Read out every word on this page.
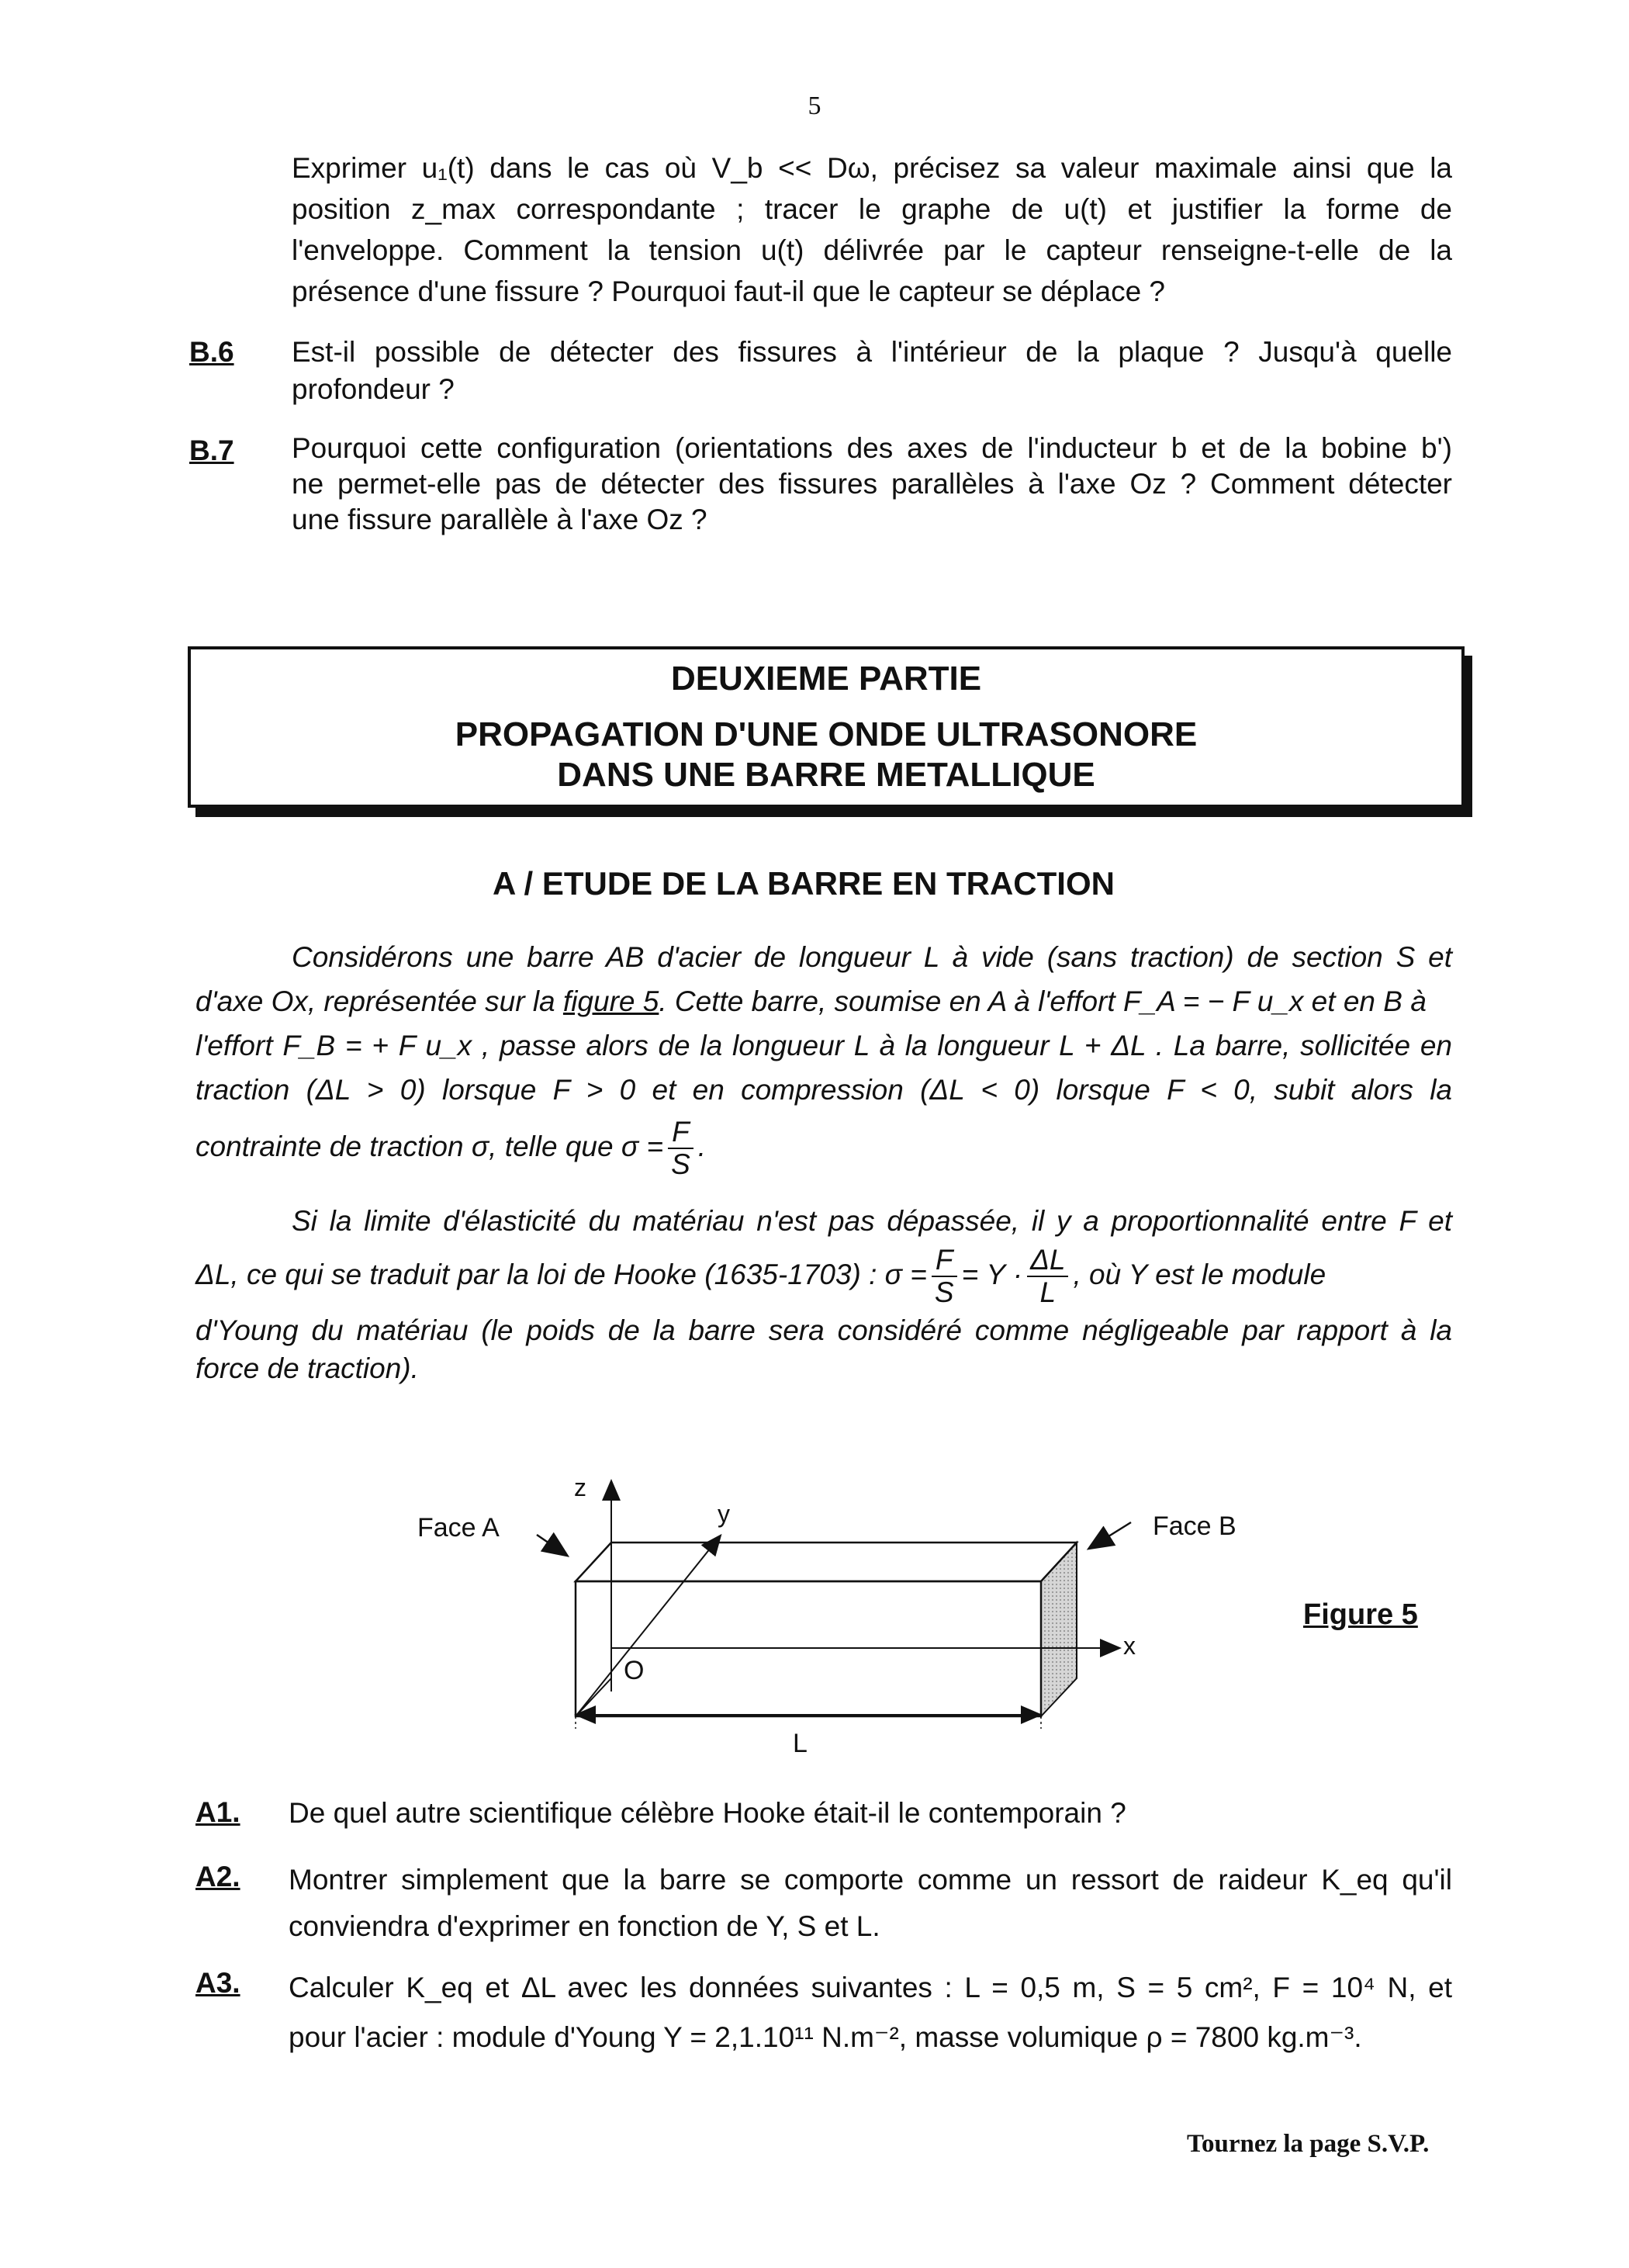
5
Exprimer u₁(t) dans le cas où V_b << Dω, précisez sa valeur maximale ainsi que la
position z_max correspondante ; tracer le graphe de u(t) et justifier la forme de
l'enveloppe. Comment la tension u(t) délivrée par le capteur renseigne-t-elle de la
présence d'une fissure ? Pourquoi faut-il que le capteur se déplace ?
B.6 Est-il possible de détecter des fissures à l'intérieur de la plaque ? Jusqu'à quelle
profondeur ?
B.7 Pourquoi cette configuration (orientations des axes de l'inducteur b et de la bobine b')
ne permet-elle pas de détecter des fissures parallèles à l'axe Oz ? Comment détecter
une fissure parallèle à l'axe Oz ?
DEUXIEME PARTIE
PROPAGATION D'UNE ONDE ULTRASONORE
DANS UNE BARRE METALLIQUE
A / ETUDE DE LA BARRE EN TRACTION
Considérons une barre AB d'acier de longueur L à vide (sans traction) de section S et
d'axe Ox, représentée sur la figure 5. Cette barre, soumise en A à l'effort F_A = − F u_x et en B à
l'effort F_B = + F u_x , passe alors de la longueur L à la longueur L + ΔL . La barre, sollicitée en
traction (ΔL > 0) lorsque F > 0 et en compression (ΔL < 0) lorsque F < 0, subit alors la
contrainte de traction σ, telle que $\sigma = \frac{F}{S}$ .
Si la limite d'élasticité du matériau n'est pas dépassée, il y a proportionnalité entre F et
ΔL, ce qui se traduit par la loi de Hooke (1635-1703) : $\sigma = \frac{F}{S} = Y \cdot \frac{\Delta L}{L}$ , où Y est le module
d'Young du matériau (le poids de la barre sera considéré comme négligeable par rapport à la
force de traction).
Face A	Face B
z
y
x
O
L
Figure 5
A1. De quel autre scientifique célèbre Hooke était-il le contemporain ?
A2. Montrer simplement que la barre se comporte comme un ressort de raideur K_eq qu'il
conviendra d'exprimer en fonction de Y, S et L.
A3. Calculer K_eq et ΔL avec les données suivantes : L = 0,5 m, S = 5 cm², F = 10⁴ N, et
pour l'acier : module d'Young Y = 2,1.10¹¹ N.m⁻², masse volumique ρ = 7800 kg.m⁻³.
Tournez la page S.V.P.
